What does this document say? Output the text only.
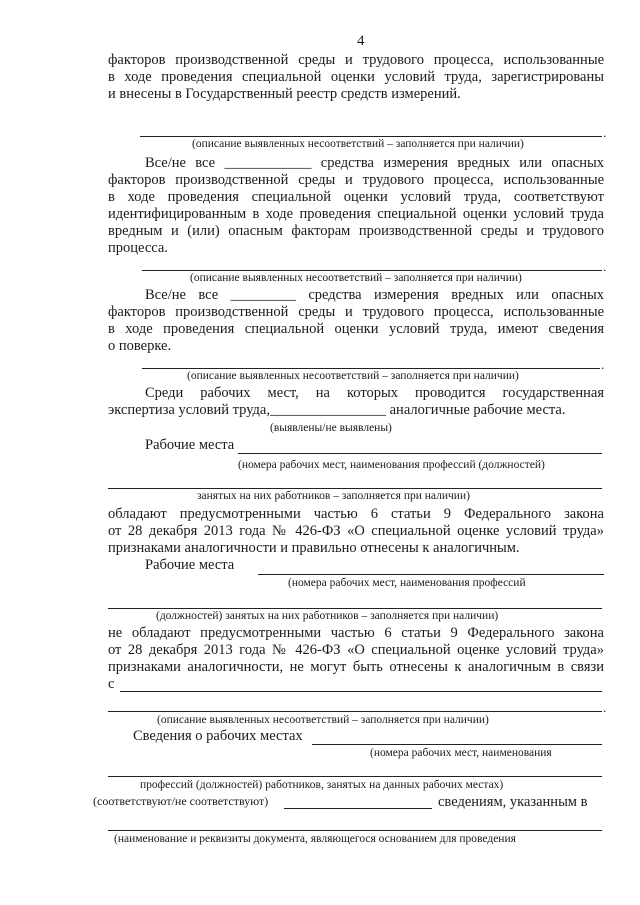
4
факторов производственной среды и трудового процесса, использованные
в ходе проведения специальной оценки условий труда, зарегистрированы
и внесены в Государственный реестр средств измерений.
.
(описание выявленных несоответствий – заполняется при наличии)
Все/не все ____________ средства измерения вредных или опасных
факторов производственной среды и трудового процесса, использованные
в ходе проведения специальной оценки условий труда, соответствуют
идентифицированным в ходе проведения специальной оценки условий труда
вредным и (или) опасным факторам производственной среды и трудового
процесса.
.
(описание выявленных несоответствий – заполняется при наличии)
Все/не все _________ средства измерения вредных или опасных
факторов производственной среды и трудового процесса, использованные
в ходе проведения специальной оценки условий труда, имеют сведения
о поверке.
.
(описание выявленных несоответствий – заполняется при наличии)
Среди рабочих мест, на которых проводится государственная
экспертиза условий труда,________________ аналогичные рабочие места.
(выявлены/не выявлены)
Рабочие места
(номера рабочих мест, наименования профессий (должностей)
занятых на них работников – заполняется при наличии)
обладают предусмотренными частью 6 статьи 9 Федерального закона
от 28 декабря 2013 года № 426-ФЗ «О специальной оценке условий труда»
признаками аналогичности и правильно отнесены к аналогичным.
Рабочие места
(номера рабочих мест, наименования профессий
(должностей) занятых на них работников – заполняется при наличии)
не обладают предусмотренными частью 6 статьи 9 Федерального закона
от 28 декабря 2013 года № 426-ФЗ «О специальной оценке условий труда»
признаками аналогичности, не могут быть отнесены к аналогичным в связи
с
.
(описание выявленных несоответствий – заполняется при наличии)
Сведения о рабочих местах
(номера рабочих мест, наименования
профессий (должностей) работников, занятых на данных рабочих местах)
(соответствуют/не соответствуют)	сведениям, указанным в
(наименование и реквизиты документа, являющегося основанием для проведения
